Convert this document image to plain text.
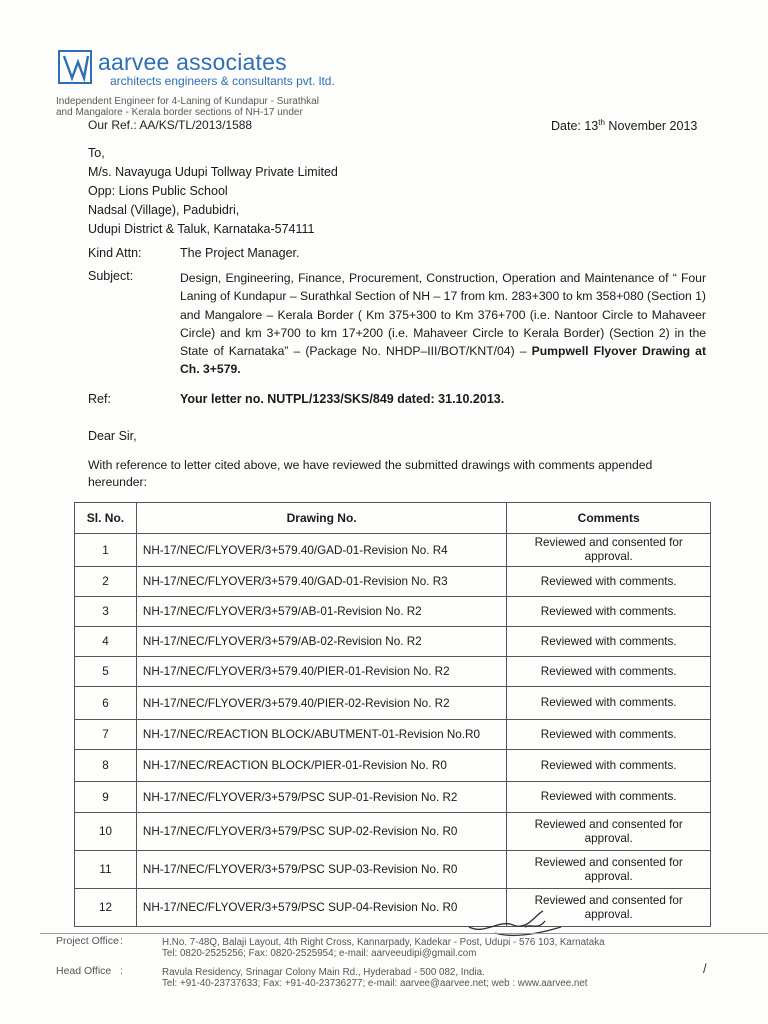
aarvee associates
architects engineers & consultants pvt. ltd.
Independent Engineer for 4-Laning of Kundapur - Surathkal
and Mangalore - Kerala border sections of NH-17 under
Our Ref.: AA/KS/TL/2013/1588	Date: 13th November 2013
To,
M/s. Navayuga Udupi Tollway Private Limited
Opp: Lions Public School
Nadsal (Village), Padubidri,
Udupi District & Taluk, Karnataka-574111
Kind Attn:	The Project Manager.
Subject:	Design, Engineering, Finance, Procurement, Construction, Operation and Maintenance of “ Four Laning of Kundapur – Surathkal Section of NH – 17 from km. 283+300 to km 358+080 (Section 1) and Mangalore – Kerala Border ( Km 375+300 to Km 376+700 (i.e. Nantoor Circle to Mahaveer Circle) and km 3+700 to km 17+200 (i.e. Mahaveer Circle to Kerala Border) (Section 2) in the State of Karnataka” – (Package No. NHDP–III/BOT/KNT/04) – Pumpwell Flyover Drawing at Ch. 3+579.
Ref:	Your letter no. NUTPL/1233/SKS/849 dated: 31.10.2013.
Dear Sir,
With reference to letter cited above, we have reviewed the submitted drawings with comments appended hereunder:
Sl. No.	Drawing No.	Comments
1	NH-17/NEC/FLYOVER/3+579.40/GAD-01-Revision No. R4	Reviewed and consented for approval.
2	NH-17/NEC/FLYOVER/3+579.40/GAD-01-Revision No. R3	Reviewed with comments.
3	NH-17/NEC/FLYOVER/3+579/AB-01-Revision No. R2	Reviewed with comments.
4	NH-17/NEC/FLYOVER/3+579/AB-02-Revision No. R2	Reviewed with comments.
5	NH-17/NEC/FLYOVER/3+579.40/PIER-01-Revision No. R2	Reviewed with comments.
6	NH-17/NEC/FLYOVER/3+579.40/PIER-02-Revision No. R2	Reviewed with comments.
7	NH-17/NEC/REACTION BLOCK/ABUTMENT-01-Revision No.R0	Reviewed with comments.
8	NH-17/NEC/REACTION BLOCK/PIER-01-Revision No. R0	Reviewed with comments.
9	NH-17/NEC/FLYOVER/3+579/PSC SUP-01-Revision No. R2	Reviewed with comments.
10	NH-17/NEC/FLYOVER/3+579/PSC SUP-02-Revision No. R0	Reviewed and consented for approval.
11	NH-17/NEC/FLYOVER/3+579/PSC SUP-03-Revision No. R0	Reviewed and consented for approval.
12	NH-17/NEC/FLYOVER/3+579/PSC SUP-04-Revision No. R0	Reviewed and consented for approval.
Project Office :	H.No. 7-48Q, Balaji Layout, 4th Right Cross, Kannarpady, Kadekar - Post, Udupi - 576 103, Karnataka
Tel: 0820-2525256; Fax: 0820-2525954; e-mail: aarveeudipi@gmail.com
Head Office :	Ravula Residency, Srinagar Colony Main Rd., Hyderabad - 500 082, India.
Tel: +91-40-23737633; Fax: +91-40-23736277; e-mail: aarvee@aarvee.net; web : www.aarvee.net
/
